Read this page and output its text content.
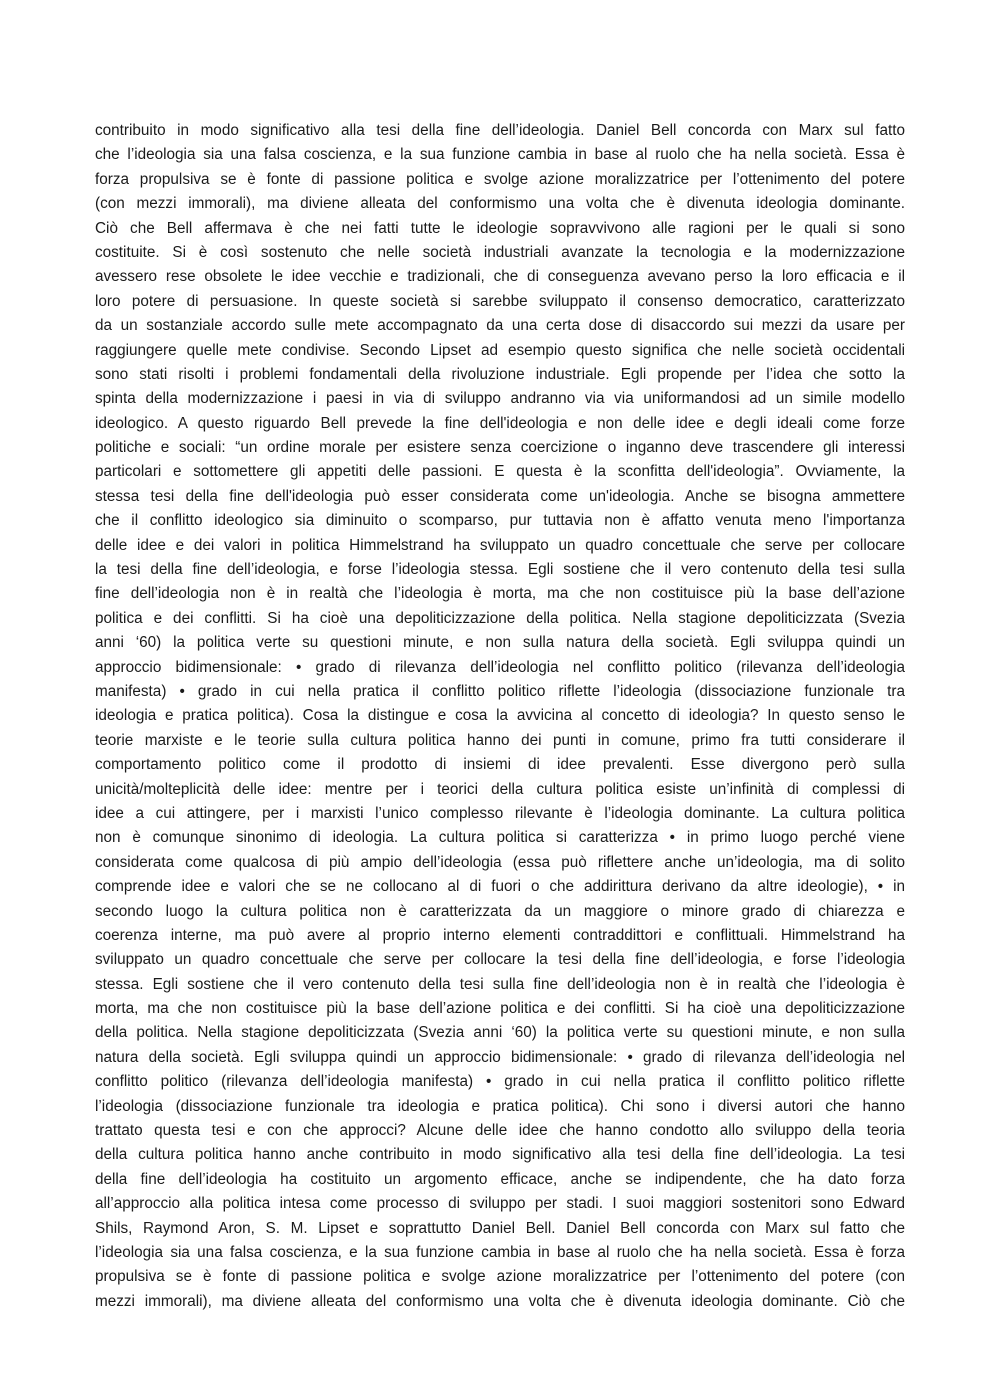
contribuito in modo significativo alla tesi della fine dell’ideologia. Daniel Bell concorda con Marx sul fatto
che l’ideologia sia una falsa coscienza, e la sua funzione cambia in base al ruolo che ha nella società. Essa è
forza propulsiva se è fonte di passione politica e svolge azione moralizzatrice per l’ottenimento del potere
(con mezzi immorali), ma diviene alleata del conformismo una volta che è divenuta ideologia dominante.
Ciò che Bell affermava è che nei fatti tutte le ideologie sopravvivono alle ragioni per le quali si sono
costituite. Si è così sostenuto che nelle società industriali avanzate la tecnologia e la modernizzazione
avessero rese obsolete le idee vecchie e tradizionali, che di conseguenza avevano perso la loro efficacia e il
loro potere di persuasione. In queste società si sarebbe sviluppato il consenso democratico, caratterizzato
da un sostanziale accordo sulle mete accompagnato da una certa dose di disaccordo sui mezzi da usare per
raggiungere quelle mete condivise. Secondo Lipset ad esempio questo significa che nelle società occidentali
sono stati risolti i problemi fondamentali della rivoluzione industriale. Egli propende per l’idea che sotto la
spinta della modernizzazione i paesi in via di sviluppo andranno via via uniformandosi ad un simile modello
ideologico. A questo riguardo Bell prevede la fine dell'ideologia e non delle idee e degli ideali come forze
politiche e sociali: “un ordine morale per esistere senza coercizione o inganno deve trascendere gli interessi
particolari e sottomettere gli appetiti delle passioni. E questa è la sconfitta dell'ideologia”. Ovviamente, la
stessa tesi della fine dell'ideologia può esser considerata come un'ideologia. Anche se bisogna ammettere
che il conflitto ideologico sia diminuito o scomparso, pur tuttavia non è affatto venuta meno l'importanza
delle idee e dei valori in politica Himmelstrand ha sviluppato un quadro concettuale che serve per collocare
la tesi della fine dell’ideologia, e forse l’ideologia stessa. Egli sostiene che il vero contenuto della tesi sulla
fine dell’ideologia non è in realtà che l’ideologia è morta, ma che non costituisce più la base dell’azione
politica e dei conflitti. Si ha cioè una depoliticizzazione della politica. Nella stagione depoliticizzata (Svezia
anni ‘60) la politica verte su questioni minute, e non sulla natura della società. Egli sviluppa quindi un
approccio bidimensionale: • grado di rilevanza dell’ideologia nel conflitto politico (rilevanza dell’ideologia
manifesta) • grado in cui nella pratica il conflitto politico riflette l’ideologia (dissociazione funzionale tra
ideologia e pratica politica). Cosa la distingue e cosa la avvicina al concetto di ideologia? In questo senso le
teorie marxiste e le teorie sulla cultura politica hanno dei punti in comune, primo fra tutti considerare il
comportamento politico come il prodotto di insiemi di idee prevalenti. Esse divergono però sulla
unicità/molteplicità delle idee: mentre per i teorici della cultura politica esiste un’infinità di complessi di
idee a cui attingere, per i marxisti l’unico complesso rilevante è l’ideologia dominante. La cultura politica
non è comunque sinonimo di ideologia. La cultura politica si caratterizza • in primo luogo perché viene
considerata come qualcosa di più ampio dell’ideologia (essa può riflettere anche un’ideologia, ma di solito
comprende idee e valori che se ne collocano al di fuori o che addirittura derivano da altre ideologie), • in
secondo luogo la cultura politica non è caratterizzata da un maggiore o minore grado di chiarezza e
coerenza interne, ma può avere al proprio interno elementi contraddittori e conflittuali. Himmelstrand ha
sviluppato un quadro concettuale che serve per collocare la tesi della fine dell’ideologia, e forse l’ideologia
stessa. Egli sostiene che il vero contenuto della tesi sulla fine dell’ideologia non è in realtà che l’ideologia è
morta, ma che non costituisce più la base dell’azione politica e dei conflitti. Si ha cioè una depoliticizzazione
della politica. Nella stagione depoliticizzata (Svezia anni ‘60) la politica verte su questioni minute, e non sulla
natura della società. Egli sviluppa quindi un approccio bidimensionale: • grado di rilevanza dell’ideologia nel
conflitto politico (rilevanza dell’ideologia manifesta) • grado in cui nella pratica il conflitto politico riflette
l’ideologia (dissociazione funzionale tra ideologia e pratica politica). Chi sono i diversi autori che hanno
trattato questa tesi e con che approcci? Alcune delle idee che hanno condotto allo sviluppo della teoria
della cultura politica hanno anche contribuito in modo significativo alla tesi della fine dell’ideologia. La tesi
della fine dell’ideologia ha costituito un argomento efficace, anche se indipendente, che ha dato forza
all’approccio alla politica intesa come processo di sviluppo per stadi. I suoi maggiori sostenitori sono Edward
Shils, Raymond Aron, S. M. Lipset e soprattutto Daniel Bell. Daniel Bell concorda con Marx sul fatto che
l’ideologia sia una falsa coscienza, e la sua funzione cambia in base al ruolo che ha nella società. Essa è forza
propulsiva se è fonte di passione politica e svolge azione moralizzatrice per l’ottenimento del potere (con
mezzi immorali), ma diviene alleata del conformismo una volta che è divenuta ideologia dominante. Ciò che
